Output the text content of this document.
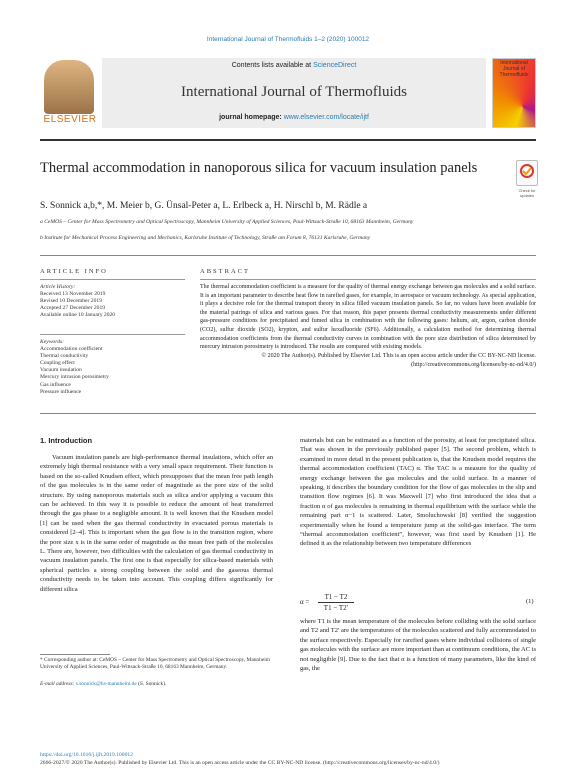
International Journal of Thermofluids 1–2 (2020) 100012
ELSEVIER
Contents lists available at ScienceDirect
International Journal of Thermofluids
journal homepage: www.elsevier.com/locate/ijtf
International Journal of Thermofluids
Thermal accommodation in nanoporous silica for vacuum insulation panels
Check for updates
S. Sonnick a,b,*, M. Meier b, G. Ünsal-Peter a, L. Erlbeck a, H. Nirschl b, M. Rädle a
a CeMOS – Center for Mass Spectrometry and Optical Spectroscopy, Mannheim University of Applied Sciences, Paul-Wittsack-Straße 10, 68163 Mannheim, Germany
b Institute for Mechanical Process Engineering and Mechanics, Karlsruhe Institute of Technology, Straße am Forum 8, 76131 Karlsruhe, Germany
ARTICLE INFO
Article History:
Received 13 November 2019
Revised 10 December 2019
Accepted 27 December 2019
Available online 10 January 2020
Keywords:
Accommodation coefficient
Thermal conductivity
Coupling effect
Vacuum insulation
Mercury intrusion porosimetry
Gas influence
Pressure influence
ABSTRACT
The thermal accommodation coefficient is a measure for the quality of thermal energy exchange between gas molecules and a solid surface. It is an important parameter to describe heat flow in rarefied gases, for example, in aerospace or vacuum technology. As special application, it plays a decisive role for the thermal transport theory in silica filled vacuum insulation panels. So far, no values have been available for the material pairings of silica and various gases. For that reason, this paper presents thermal conductivity measurements under different gas-pressure conditions for precipitated and fumed silica in combination with the following gases: helium, air, argon, carbon dioxide (CO2), sulfur dioxide (SO2), krypton, and sulfur hexafluoride (SF6). Additionally, a calculation method for determining thermal accommodation coefficients from the thermal conductivity curves in combination with the pore size distribution of silica determined by mercury intrusion porosimetry is introduced. The results are compared with existing models.
© 2020 The Author(s). Published by Elsevier Ltd. This is an open access article under the CC BY-NC-ND license. (http://creativecommons.org/licenses/by-nc-nd/4.0/)
1. Introduction
Vacuum insulation panels are high-performance thermal insulations, which offer an extremely high thermal resistance with a very small space requirement. Their function is based on the so-called Knudsen effect, which presupposes that the mean free path length of the gas molecules is in the same order of magnitude as the pore size of the solid structure. By using nanoporous materials such as silica and/or applying a vacuum this can be achieved. In this way it is possible to reduce the amount of heat transferred through the gas phase to a negligible amount. It is well known that the Knudsen model [1] can be used when the gas thermal conductivity in evacuated porous materials is considered [2–4]. This is important when the gas flow is in the transition region, where the pore size x is in the same order of magnitude as the mean free path of the molecules L. There are, however, two difficulties with the calculation of gas thermal conductivity in vacuum insulation panels. The first one is that especially for silica-based materials with spherical particles a strong coupling between the solid and the gaseous thermal conductivity needs to be taken into account. This coupling differs significantly for different silica
materials but can be estimated as a function of the porosity, at least for precipitated silica. That was shown in the previously published paper [5]. The second problem, which is examined in more detail in the present publication is, that the Knudsen model requires the thermal accommodation coefficient (TAC) α. The TAC is a measure for the quality of energy exchange between the gas molecules and the solid surface. In a manner of speaking, it describes the boundary condition for the flow of gas molecules in the slip and transition flow regimes [6]. It was Maxwell [7] who first introduced the idea that a fraction α of gas molecules is remaining in thermal equilibrium with the surface while the remaining part α−1 is scattered. Later, Smoluchowski [8] verified the suggestion experimentally when he found a temperature jump at the solid-gas interface. The term “thermal accommodation coefficient”, however, was first used by Knudsen [1]. He defined it as the relationship between two temperature differences
α =
T1 − T2
T1 − T2′
(1)
where T1 is the mean temperature of the molecules before colliding with the solid surface and T2 and T2′ are the temperatures of the molecules scattered and fully accommodated to the surface respectively. Especially for rarefied gases where individual collisions of single gas molecules with the surface are more important than at continuum conditions, the AC is not negligible [9]. Due to the fact that α is a function of many parameters, like the kind of gas, the
* Corresponding author at: CeMOS – Center for Mass Spectrometry and Optical Spectroscopy, Mannheim University of Applied Sciences, Paul-Wittsack-Straße 10, 68163 Mannheim, Germany.
E-mail address: s.sonnick@hs-mannheim.de (S. Sonnick).
https://doi.org/10.1016/j.ijft.2019.100012
2666-2027/© 2020 The Author(s). Published by Elsevier Ltd. This is an open access article under the CC BY-NC-ND license. (http://creativecommons.org/licenses/by-nc-nd/4.0/)
